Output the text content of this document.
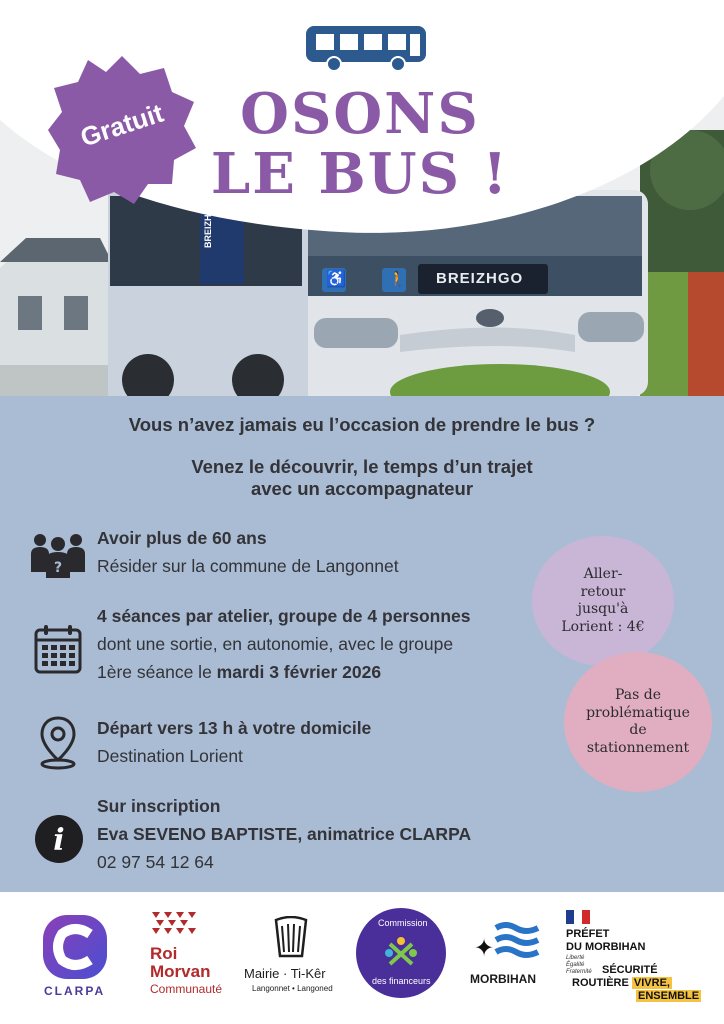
BREIZHGO

BREIZHGO

♿	🚶

Gratuit	OSONS
LE BUS !

Vous n’avez jamais eu l’occasion de prendre le bus ?

Venez le découvrir, le temps d’un trajet

avec un accompagnateur

?

Avoir plus de 60 ans

Résider sur la commune de Langonnet

4 séances par atelier, groupe de 4 personnes

dont une sortie, en autonomie, avec le groupe

1ère séance le mardi 3 février 2026

Départ vers 13 h à votre domicile

Destination Lorient

i

Sur inscription

Eva SEVENO BAPTISTE, animatrice CLARPA

02 97 54 12 64

Aller-
retour
jusqu'à
Lorient : 4€
Pas de
problématique
de
stationnement

CLARPA

Roi

Morvan

Communauté

Mairie · Ti-Kêr

Langonnet • Langoned

Commission

des financeurs

✦

MORBIHAN

PRÉFET

DU MORBIHAN

Liberté

Égalité

Fraternité SÉCURITÉ

ROUTIÈRE VIVRE,

ENSEMBLE
